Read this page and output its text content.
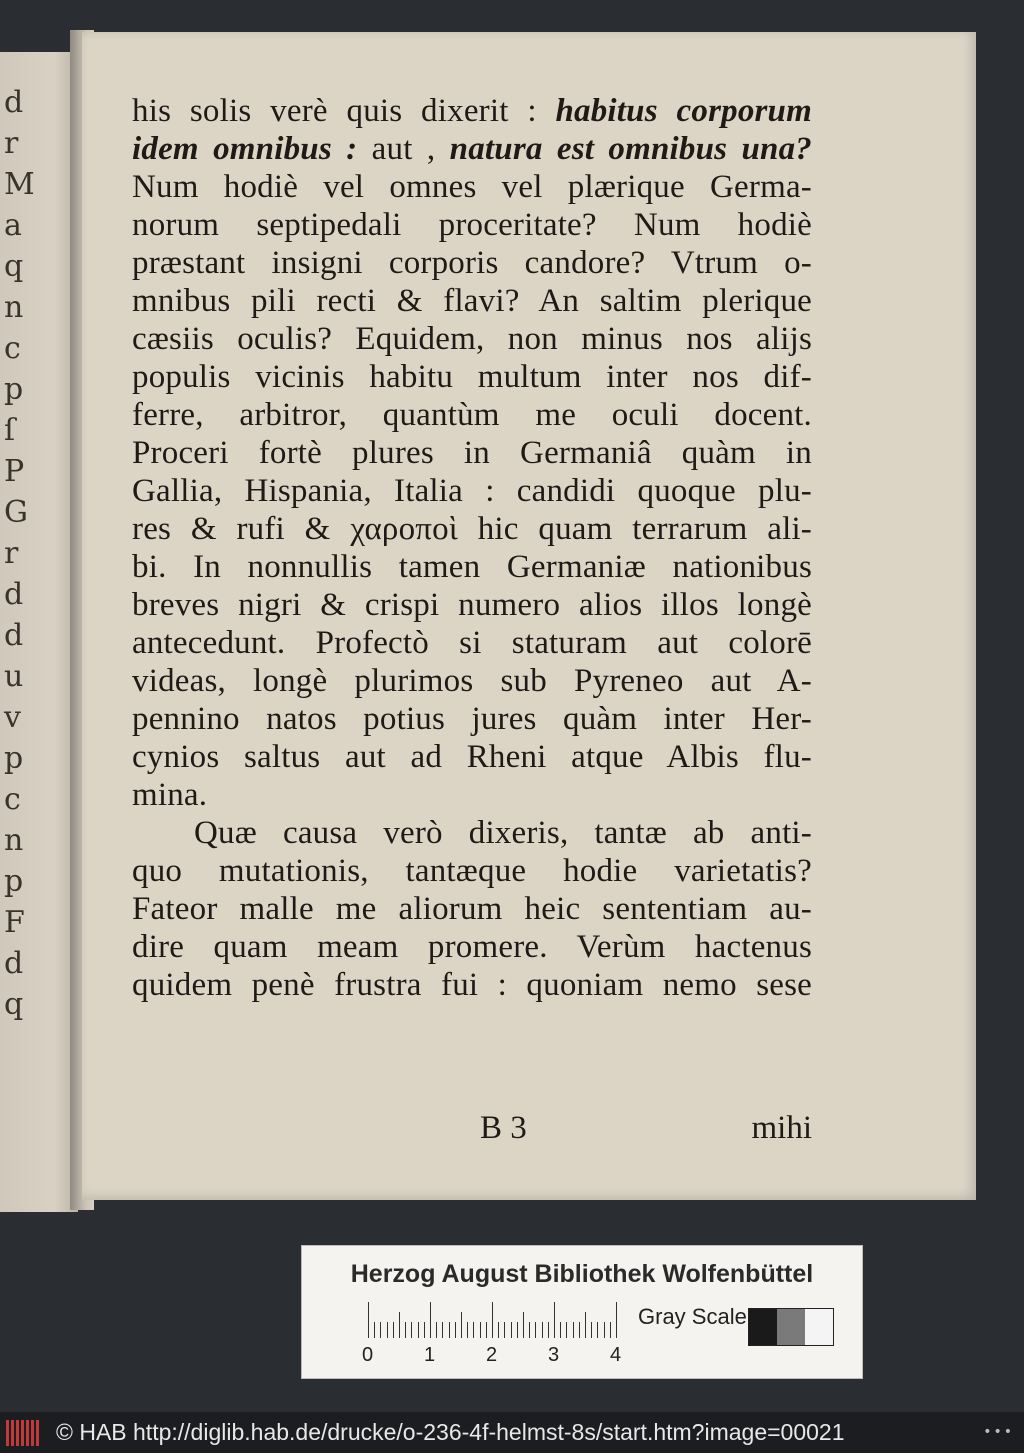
d
r
M
a
q
n
c
p
ſ
P
G
r
d
d
u
v
p
c
n
p
F
d
q
his solis verè quis dixerit : habitus corporum
idem omnibus : aut , natura est omnibus una?
Num hodiè vel omnes vel plærique Germa-
norum septipedali proceritate? Num hodiè
præstant insigni corporis candore? Vtrum o-
mnibus pili recti & flavi? An saltim plerique
cæsiis oculis? Equidem, non minus nos alijs
populis vicinis habitu multum inter nos dif-
ferre, arbitror, quantùm me oculi docent.
Proceri fortè plures in Germaniâ quàm in
Gallia, Hispania, Italia : candidi quoque plu-
res & rufi & χαροποὶ hic quam terrarum ali-
bi. In nonnullis tamen Germaniæ nationibus
breves nigri & crispi numero alios illos longè
antecedunt. Profectò si staturam aut colorē
videas, longè plurimos sub Pyreneo aut A-
pennino natos potius jures quàm inter Her-
cynios saltus aut ad Rheni atque Albis flu-
mina.
Quæ causa verò dixeris, tantæ ab anti-
quo mutationis, tantæque hodie varietatis?
Fateor malle me aliorum heic sententiam au-
dire quam meam promere. Verùm hactenus
quidem penè frustra fui : quoniam nemo sese

B 3	mihi
Herzog August Bibliothek Wolfenbüttel
0	1	2	3	4
Gray Scale
© HAB http://diglib.hab.de/drucke/o-236-4f-helmst-8s/start.htm?image=00021	•••
